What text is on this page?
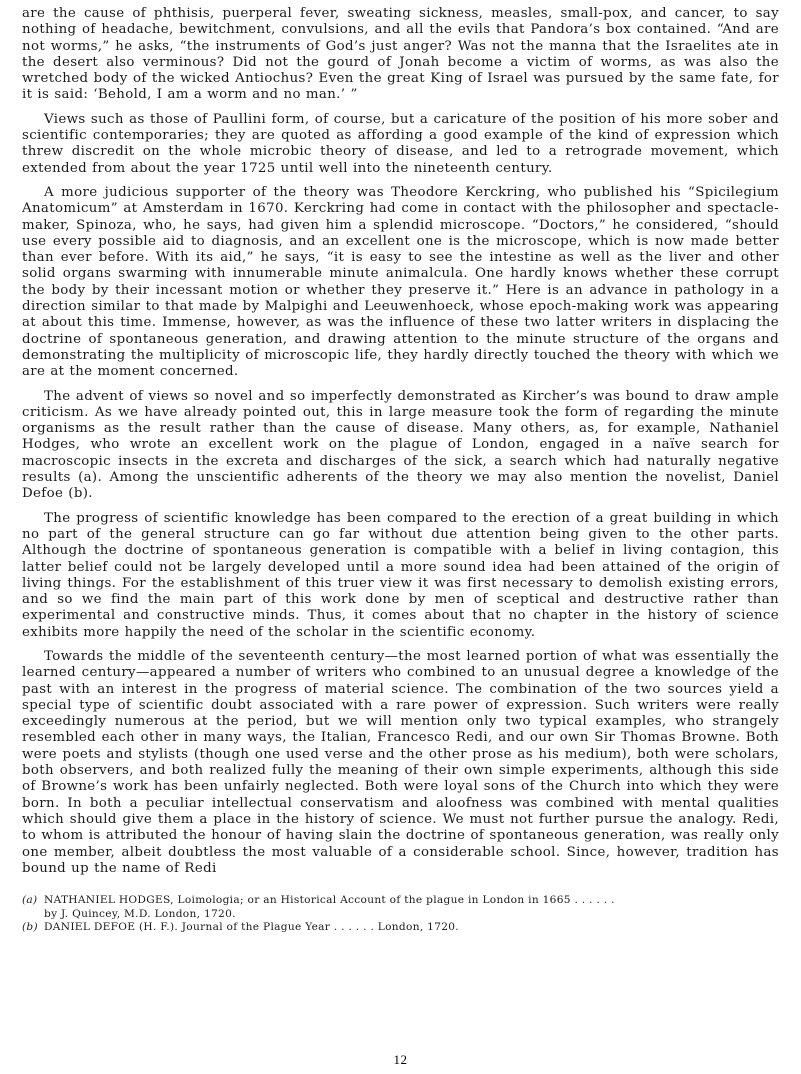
are the cause of phthisis, puerperal fever, sweating sickness, measles, small-pox, and cancer, to say nothing of headache, bewitchment, convulsions, and all the evils that Pandora’s box contained. “And are not worms,” he asks, “the instruments of God’s just anger? Was not the manna that the Israelites ate in the desert also verminous? Did not the gourd of Jonah become a victim of worms, as was also the wretched body of the wicked Antiochus? Even the great King of Israel was pursued by the same fate, for it is said: ‘Behold, I am a worm and no man.’ ”

Views such as those of Paullini form, of course, but a caricature of the position of his more sober and scientific contemporaries; they are quoted as affording a good example of the kind of expression which threw discredit on the whole microbic theory of disease, and led to a retrograde movement, which extended from about the year 1725 until well into the nineteenth century.

A more judicious supporter of the theory was Theodore Kerckring, who published his “Spicilegium Anatomicum” at Amsterdam in 1670. Kerckring had come in contact with the philosopher and spectacle-maker, Spinoza, who, he says, had given him a splendid microscope. “Doctors,” he considered, “should use every possible aid to diagnosis, and an excellent one is the microscope, which is now made better than ever before. With its aid,” he says, “it is easy to see the intestine as well as the liver and other solid organs swarming with innumerable minute animalcula. One hardly knows whether these corrupt the body by their incessant motion or whether they preserve it.” Here is an advance in pathology in a direction similar to that made by Malpighi and Leeuwenhoeck, whose epoch-making work was appearing at about this time. Immense, however, as was the influence of these two latter writers in displacing the doctrine of spontaneous generation, and drawing attention to the minute structure of the organs and demonstrating the multiplicity of microscopic life, they hardly directly touched the theory with which we are at the moment concerned.

The advent of views so novel and so imperfectly demonstrated as Kircher’s was bound to draw ample criticism. As we have already pointed out, this in large measure took the form of regarding the minute organisms as the result rather than the cause of disease. Many others, as, for example, Nathaniel Hodges, who wrote an excellent work on the plague of London, engaged in a naïve search for macroscopic insects in the excreta and discharges of the sick, a search which had naturally negative results (a). Among the unscientific adherents of the theory we may also mention the novelist, Daniel Defoe (b).

The progress of scientific knowledge has been compared to the erection of a great building in which no part of the general structure can go far without due attention being given to the other parts. Although the doctrine of spontaneous generation is compatible with a belief in living contagion, this latter belief could not be largely developed until a more sound idea had been attained of the origin of living things. For the establishment of this truer view it was first necessary to demolish existing errors, and so we find the main part of this work done by men of sceptical and destructive rather than experimental and constructive minds. Thus, it comes about that no chapter in the history of science exhibits more happily the need of the scholar in the scientific economy.

Towards the middle of the seventeenth century—the most learned portion of what was essentially the learned century—appeared a number of writers who combined to an unusual degree a knowledge of the past with an interest in the progress of material science. The combination of the two sources yield a special type of scientific doubt associated with a rare power of expression. Such writers were really exceedingly numerous at the period, but we will mention only two typical examples, who strangely resembled each other in many ways, the Italian, Francesco Redi, and our own Sir Thomas Browne. Both were poets and stylists (though one used verse and the other prose as his medium), both were scholars, both observers, and both realized fully the meaning of their own simple experiments, although this side of Browne’s work has been unfairly neglected. Both were loyal sons of the Church into which they were born. In both a peculiar intellectual conservatism and aloofness was combined with mental qualities which should give them a place in the history of science. We must not further pursue the analogy. Redi, to whom is attributed the honour of having slain the doctrine of spontaneous generation, was really only one member, albeit doubtless the most valuable of a considerable school. Since, however, tradition has bound up the name of Redi

(a) NATHANIEL HODGES, Loimologia; or an Historical Account of the plague in London in 1665 . . . . . .
by J. Quincey, M.D. London, 1720.

(b) DANIEL DEFOE (H. F.). Journal of the Plague Year . . . . . . London, 1720.

12
